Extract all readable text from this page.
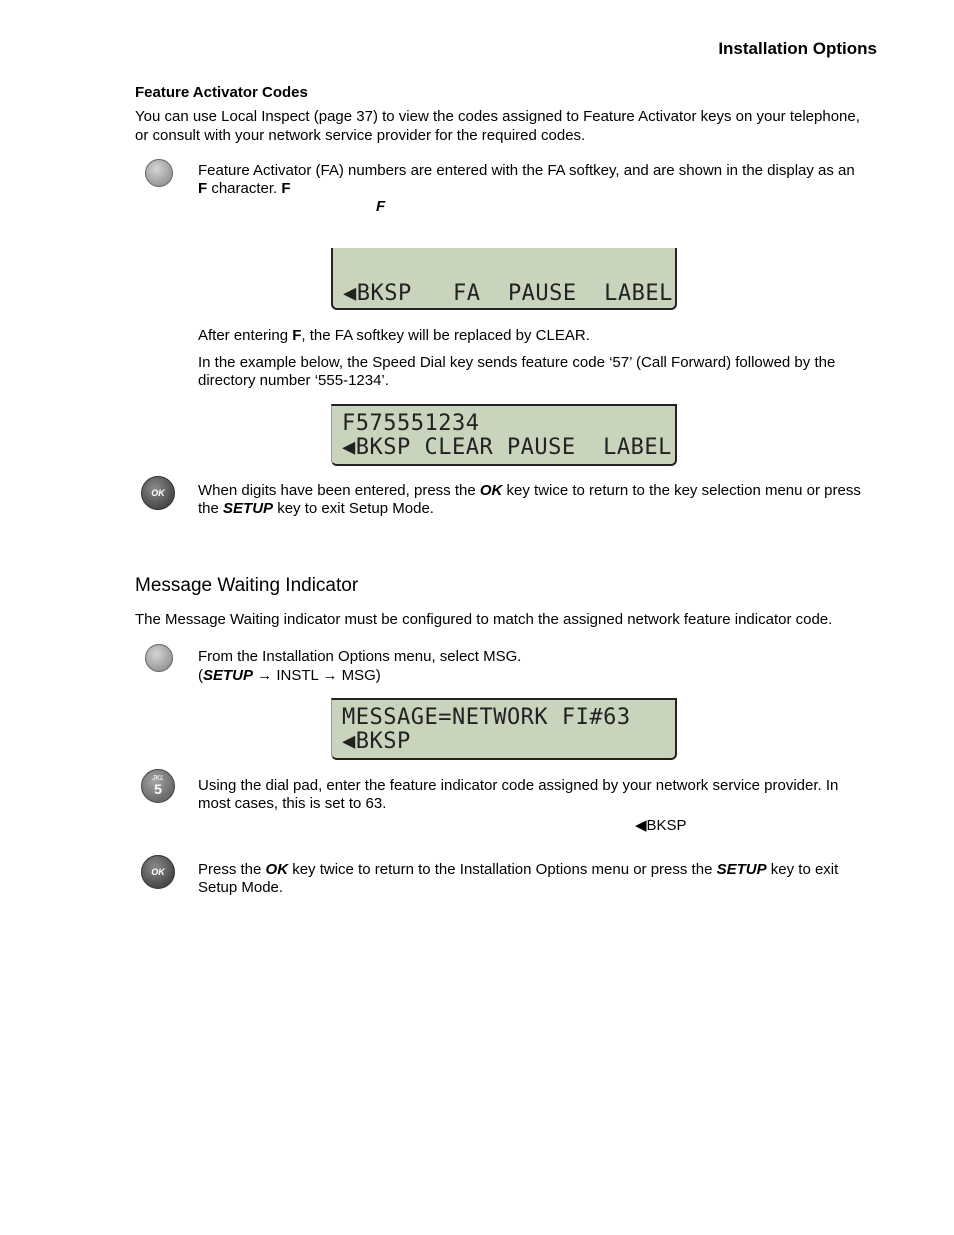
Installation Options
Feature Activator Codes
You can use Local Inspect (page 37) to view the codes assigned to Feature Activator keys on your telephone, or consult with your network service provider for the required codes.
Feature Activator (FA) numbers are entered with the FA softkey, and are shown in the display as an F character. F
F
◀BKSP   FA  PAUSE  LABEL
After entering F, the FA softkey will be replaced by CLEAR.
In the example below, the Speed Dial key sends feature code ‘57’ (Call Forward) followed by the directory number ‘555-1234’.
F575551234
◀BKSP CLEAR PAUSE  LABEL
OK When digits have been entered, press the OK key twice to return to the key selection menu or press the SETUP key to exit Setup Mode.
Message Waiting Indicator
The Message Waiting indicator must be configured to match the assigned network feature indicator code.
From the Installation Options menu, select MSG.
(SETUP → INSTL → MSG)
MESSAGE=NETWORK FI#63
◀BKSP
JKL
5	Using the dial pad, enter the feature indicator code assigned by your network service provider. In most cases, this is set to 63.
◀BKSP
OK Press the OK key twice to return to the Installation Options menu or press the SETUP key to exit Setup Mode.
